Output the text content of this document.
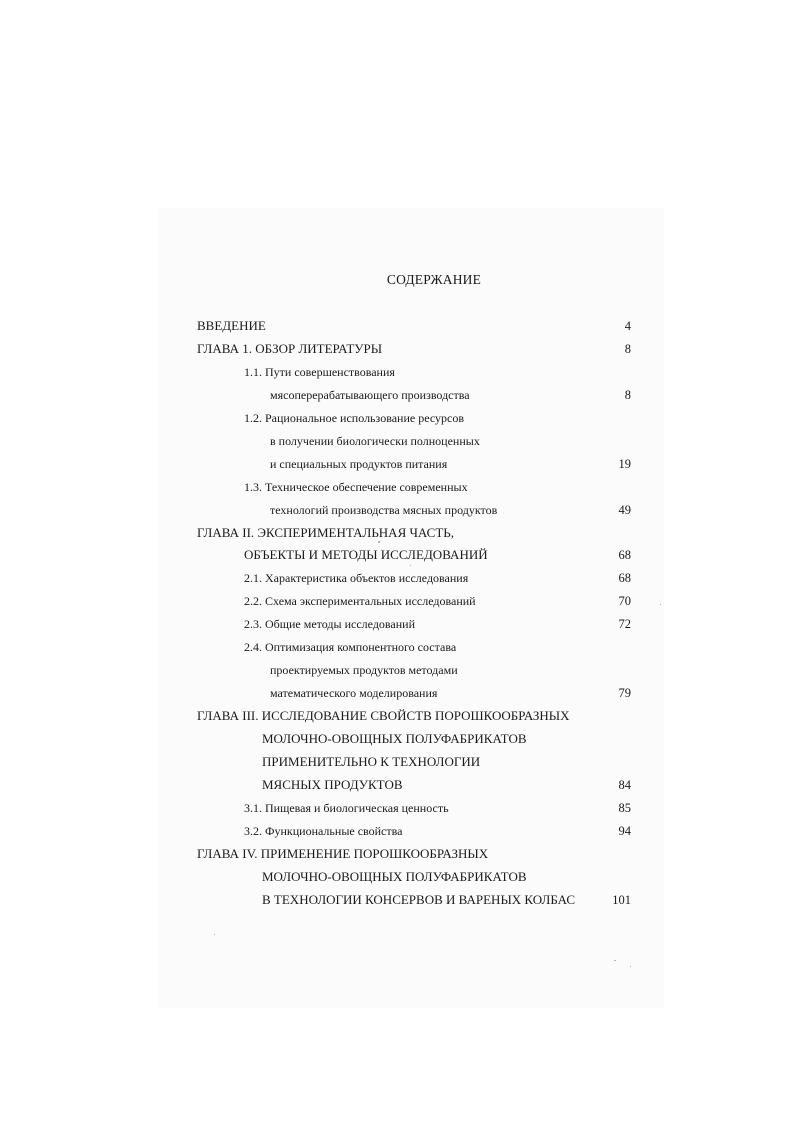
СОДЕРЖАНИЕ
ВВЕДЕНИЕ	4
ГЛАВА 1. ОБЗОР ЛИТЕРАТУРЫ	8
1.1. Пути совершенствования
мясоперерабатывающего производства	8
1.2. Рациональное использование ресурсов
в получении биологически полноценных
и специальных продуктов питания	19
1.3. Техническое обеспечение современных
технологий производства мясных продуктов	49
ГЛАВА II. ЭКСПЕРИМЕНТАЛЬНАЯ ЧАСТЬ,
ОБЪЕКТЫ И МЕТОДЫ ИССЛЕДОВАНИЙ	68
2.1. Характеристика объектов исследования	68
2.2. Схема экспериментальных исследований	70
2.3. Общие методы исследований	72
2.4. Оптимизация компонентного состава
проектируемых продуктов методами
математического моделирования	79
ГЛАВА III. ИССЛЕДОВАНИЕ СВОЙСТВ ПОРОШКООБРАЗНЫХ
МОЛОЧНО-ОВОЩНЫХ ПОЛУФАБРИКАТОВ
ПРИМЕНИТЕЛЬНО К ТЕХНОЛОГИИ
МЯСНЫХ ПРОДУКТОВ	84
3.1. Пищевая и биологическая ценность	85
3.2. Функциональные свойства	94
ГЛАВА IV. ПРИМЕНЕНИЕ ПОРОШКООБРАЗНЫХ
МОЛОЧНО-ОВОЩНЫХ ПОЛУФАБРИКАТОВ
В ТЕХНОЛОГИИ КОНСЕРВОВ И ВАРЕНЫХ КОЛБАС	101
